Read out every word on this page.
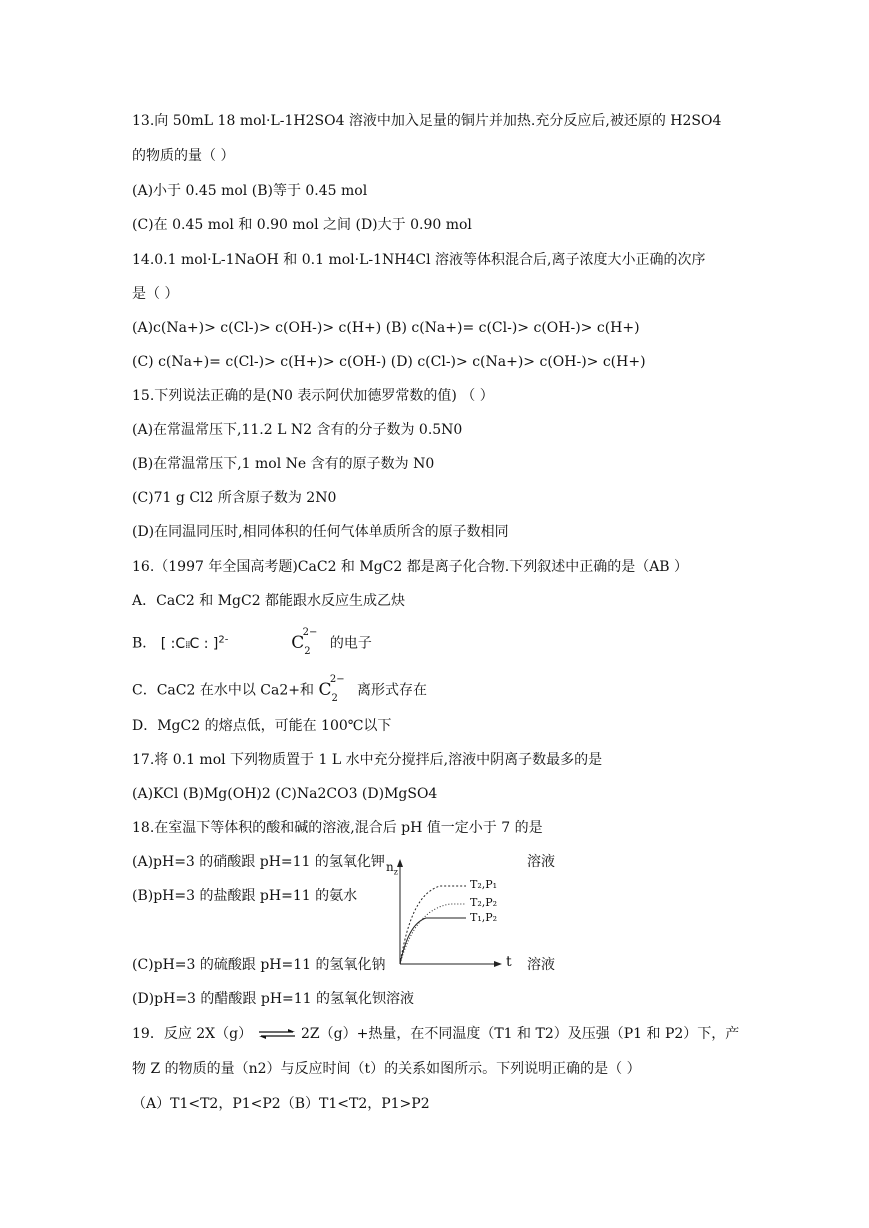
13.向 50mL 18 mol·L-1H2SO4 溶液中加入足量的铜片并加热.充分反应后,被还原的 H2SO4
的物质的量（ ）
(A)小于 0.45 mol (B)等于 0.45 mol
(C)在 0.45 mol 和 0.90 mol 之间 (D)大于 0.90 mol
14.0.1 mol·L-1NaOH 和 0.1 mol·L-1NH4Cl 溶液等体积混合后,离子浓度大小正确的次序
是（ ）
(A)c(Na+)> c(Cl-)> c(OH-)> c(H+) (B) c(Na+)= c(Cl-)> c(OH-)> c(H+)
(C) c(Na+)= c(Cl-)> c(H+)> c(OH-) (D) c(Cl-)> c(Na+)> c(OH-)> c(H+)
15.下列说法正确的是(N0 表示阿伏加德罗常数的值) （ ）
(A)在常温常压下,11.2 L N2 含有的分子数为 0.5N0
(B)在常温常压下,1 mol Ne 含有的原子数为 N0
(C)71 g Cl2 所含原子数为 2N0
(D)在同温同压时,相同体积的任何气体单质所含的原子数相同
16.（1997 年全国高考题)CaC2 和 MgC2 都是离子化合物.下列叙述中正确的是（AB ）
A．CaC2 和 MgC2 都能跟水反应生成乙炔
B． [ :C⁞⁞C : ]$^{2-}$	$C_2^{2-}$ 的电子
C．CaC2 在水中以 Ca2+和 $C_2^{2-}$ 离形式存在
D．MgC2 的熔点低，可能在 100℃以下
17.将 0.1 mol 下列物质置于 1 L 水中充分搅拌后,溶液中阴离子数最多的是
(A)KCl (B)Mg(OH)2 (C)Na2CO3 (D)MgSO4
18.在室温下等体积的酸和碱的溶液,混合后 pH 值一定小于 7 的是
(A)pH=3 的硝酸跟 pH=11 的氢氧化钾	溶液
(B)pH=3 的盐酸跟 pH=11 的氨水
(C)pH=3 的硫酸跟 pH=11 的氢氧化钠	溶液
(D)pH=3 的醋酸跟 pH=11 的氢氧化钡溶液
$n_z$
t
T₂,P₁
T₂,P₂
T₁,P₂
19．反应 2X（g） ⇌ 2Z（g）+热量，在不同温度（T1 和 T2）及压强（P1 和 P2）下，产
物 Z 的物质的量（n2）与反应时间（t）的关系如图所示。下列说明正确的是（ ）
（A）T1<T2，P1<P2（B）T1<T2，P1>P2
